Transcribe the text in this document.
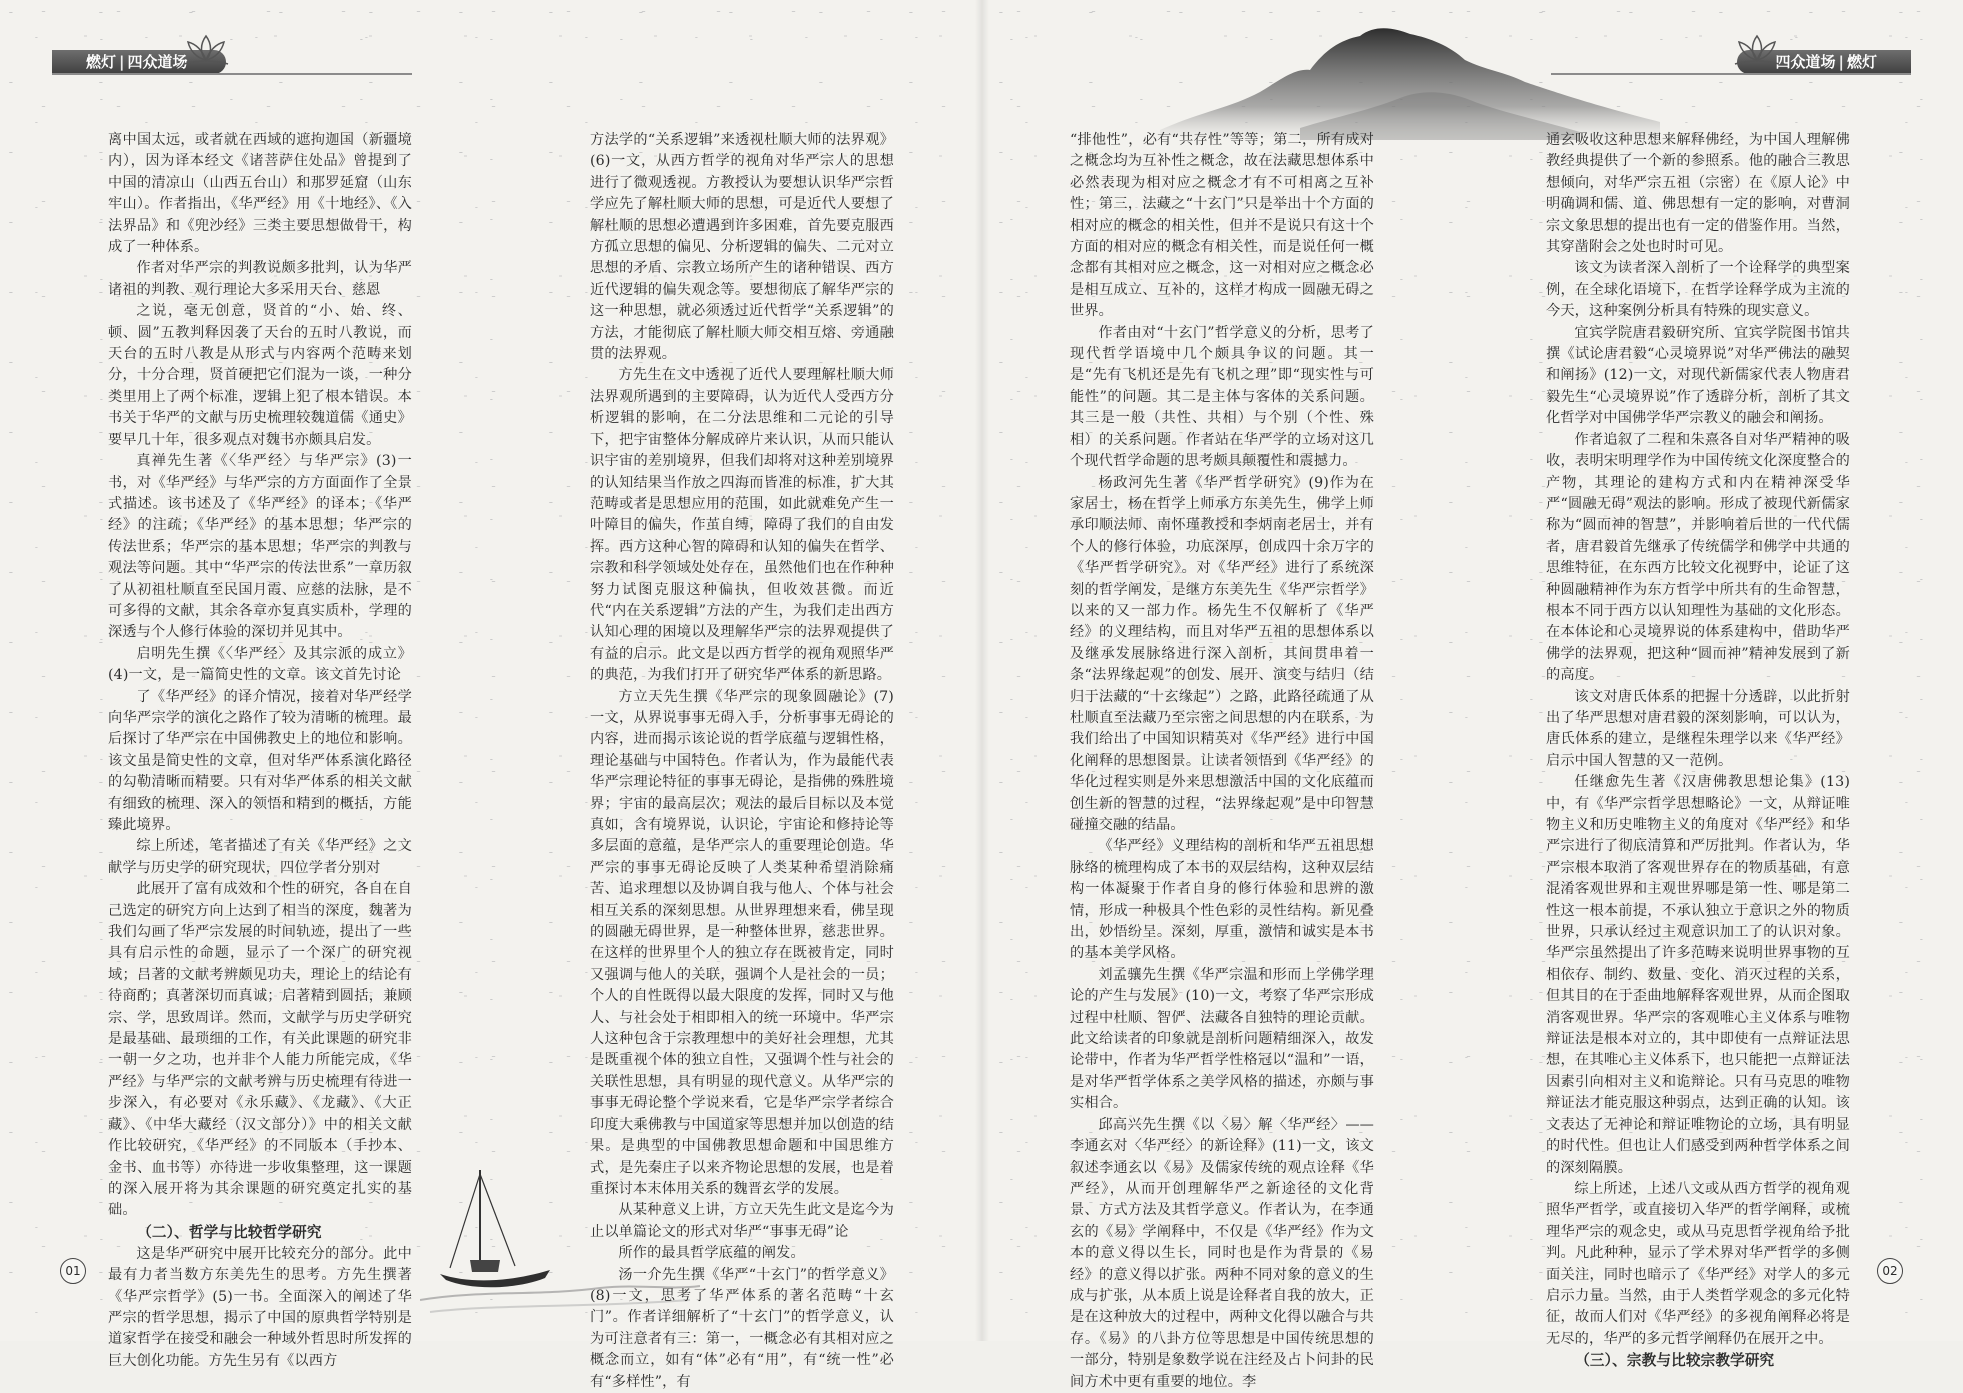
燃灯 | 四众道场	四众道场 | 燃灯

离中国太远，或者就在西域的遮拘迦国（新疆境内），因为译本经文《诸菩萨住处品》曾提到了中国的清凉山（山西五台山）和那罗延窟（山东牢山）。作者指出，《华严经》用《十地经》、《入法界品》和《兜沙经》三类主要思想做骨干，构成了一种体系。

作者对华严宗的判教说颇多批判，认为华严诸祖的判教、观行理论大多采用天台、慈恩

之说，毫无创意，贤首的“小、始、终、顿、圆”五教判释因袭了天台的五时八教说，而天台的五时八教是从形式与内容两个范畴来划分，十分合理，贤首硬把它们混为一谈，一种分类里用上了两个标准，逻辑上犯了根本错误。本书关于华严的文献与历史梳理较魏道儒《通史》要早几十年，很多观点对魏书亦颇具启发。

真禅先生著《〈华严经〉与华严宗》(3)一书，对《华严经》与华严宗的方方面面作了全景式描述。该书述及了《华严经》的译本；《华严经》的注疏；《华严经》的基本思想；华严宗的传法世系；华严宗的基本思想；华严宗的判教与观法等问题。其中“华严宗的传法世系”一章历叙了从初祖杜顺直至民国月霞、应慈的法脉，是不可多得的文献，其余各章亦复真实质朴，学理的深透与个人修行体验的深切并见其中。

启明先生撰《〈华严经〉及其宗派的成立》(4)一文，是一篇简史性的文章。该文首先讨论

了《华严经》的译介情况，接着对华严经学向华严宗学的演化之路作了较为清晰的梳理。最后探讨了华严宗在中国佛教史上的地位和影响。该文虽是简史性的文章，但对华严体系演化路径的勾勒清晰而精要。只有对华严体系的相关文献有细致的梳理、深入的领悟和精到的概括，方能臻此境界。

综上所述，笔者描述了有关《华严经》之文献学与历史学的研究现状，四位学者分别对

此展开了富有成效和个性的研究，各自在自己选定的研究方向上达到了相当的深度，魏著为我们勾画了华严宗发展的时间轨迹，提出了一些具有启示性的命题，显示了一个深广的研究视域；吕著的文献考辨颇见功夫，理论上的结论有待商酌；真著深切而真诚；启著精到圆括，兼顾宗、学，思致周详。然而，文献学与历史学研究是最基础、最琐细的工作，有关此课题的研究非一朝一夕之功，也并非个人能力所能完成，《华严经》与华严宗的文献考辨与历史梳理有待进一步深入，有必要对《永乐藏》、《龙藏》、《大正藏》、《中华大藏经（汉文部分）》中的相关文献作比较研究，《华严经》的不同版本（手抄本、金书、血书等）亦待进一步收集整理，这一课题的深入展开将为其余课题的研究奠定扎实的基础。

（二）、哲学与比较哲学研究

这是华严研究中展开比较充分的部分。此中最有力者当数方东美先生的思考。方先生撰著《华严宗哲学》(5)一书。全面深入的阐述了华严宗的哲学思想，揭示了中国的原典哲学特别是道家哲学在接受和融会一种域外哲思时所发挥的巨大创化功能。方先生另有《以西方

方法学的“关系逻辑”来透视杜顺大师的法界观》(6)一文，从西方哲学的视角对华严宗人的思想进行了微观透视。方教授认为要想认识华严宗哲学应先了解杜顺大师的思想，可是近代人要想了解杜顺的思想必遭遇到许多困难，首先要克服西方孤立思想的偏见、分析逻辑的偏失、二元对立思想的矛盾、宗教立场所产生的诸种错误、西方近代逻辑的偏失观念等。要想彻底了解华严宗的这一种思想，就必须透过近代哲学“关系逻辑”的方法，才能彻底了解杜顺大师交相互熔、旁通融贯的法界观。

方先生在文中透视了近代人要理解杜顺大师法界观所遇到的主要障碍，认为近代人受西方分析逻辑的影响，在二分法思维和二元论的引导下，把宇宙整体分解成碎片来认识，从而只能认识宇宙的差别境界，但我们却将对这种差别境界的认知结果当作放之四海而皆准的标准，扩大其范畴或者是思想应用的范围，如此就难免产生一叶障目的偏失，作茧自缚，障碍了我们的自由发挥。西方这种心智的障碍和认知的偏失在哲学、宗教和科学领域处处存在，虽然他们也在作种种努力试图克服这种偏执，但收效甚微。而近代“内在关系逻辑”方法的产生，为我们走出西方认知心理的困境以及理解华严宗的法界观提供了有益的启示。此文是以西方哲学的视角观照华严的典范，为我们打开了研究华严体系的新思路。

方立天先生撰《华严宗的现象圆融论》(7)一文，从界说事事无碍入手，分析事事无碍论的内容，进而揭示该论说的哲学底蕴与逻辑性格，理论基础与中国特色。作者认为，作为最能代表华严宗理论特征的事事无碍论，是指佛的殊胜境界；宇宙的最高层次；观法的最后目标以及本觉真如，含有境界说，认识论，宇宙论和修持论等多层面的意蕴，是华严宗人的重要理论创造。华严宗的事事无碍论反映了人类某种希望消除痛苦、追求理想以及协调自我与他人、个体与社会相互关系的深刻思想。从世界理想来看，佛呈现的圆融无碍世界，是一种整体世界，慈悲世界。在这样的世界里个人的独立存在既被肯定，同时又强调与他人的关联，强调个人是社会的一员；个人的自性既得以最大限度的发挥，同时又与他人、与社会处于相即相入的统一环境中。华严宗人这种包含于宗教理想中的美好社会理想，尤其是既重视个体的独立自性，又强调个性与社会的关联性思想，具有明显的现代意义。从华严宗的事事无碍论整个学说来看，它是华严宗学者综合印度大乘佛教与中国道家等思想并加以创造的结果。是典型的中国佛教思想命题和中国思维方式，是先秦庄子以来齐物论思想的发展，也是着重探讨本末体用关系的魏晋玄学的发展。

从某种意义上讲，方立天先生此文是迄今为止以单篇论文的形式对华严“事事无碍”论

所作的最具哲学底蕴的阐发。

汤一介先生撰《华严“十玄门”的哲学意义》(8)一文，思考了华严体系的著名范畴“十玄门”。作者详细解析了“十玄门”的哲学意义，认为可注意者有三：第一，一概念必有其相对应之概念而立，如有“体”必有“用”，有“统一性”必有“多样性”，有

“排他性”，必有“共存性”等等；第二，所有成对之概念均为互补性之概念，故在法藏思想体系中必然表现为相对应之概念才有不可相离之互补性；第三，法藏之“十玄门”只是举出十个方面的相对应的概念的相关性，但并不是说只有这十个方面的相对应的概念有相关性，而是说任何一概念都有其相对应之概念，这一对相对应之概念必是相互成立、互补的，这样才构成一圆融无碍之世界。

作者由对“十玄门”哲学意义的分析，思考了现代哲学语境中几个颇具争议的问题。其一是“先有飞机还是先有飞机之理”即“现实性与可能性”的问题。其二是主体与客体的关系问题。其三是一般（共性、共相）与个别（个性、殊相）的关系问题。作者站在华严学的立场对这几个现代哲学命题的思考颇具颠覆性和震撼力。

杨政河先生著《华严哲学研究》(9)作为在家居士，杨在哲学上师承方东美先生，佛学上师承印顺法师、南怀瑾教授和李炳南老居士，并有个人的修行体验，功底深厚，创成四十余万字的《华严哲学研究》。对《华严经》进行了系统深刻的哲学阐发，是继方东美先生《华严宗哲学》以来的又一部力作。杨先生不仅解析了《华严经》的义理结构，而且对华严五祖的思想体系以及继承发展脉络进行深入剖析，其间贯串着一条“法界缘起观”的创发、展开、演变与结归（结归于法藏的“十玄缘起”）之路，此路径疏通了从杜顺直至法藏乃至宗密之间思想的内在联系，为我们给出了中国知识精英对《华严经》进行中国化阐释的思想图景。让读者领悟到《华严经》的华化过程实则是外来思想激活中国的文化底蕴而创生新的智慧的过程，“法界缘起观”是中印智慧碰撞交融的结晶。

《华严经》义理结构的剖析和华严五祖思想脉络的梳理构成了本书的双层结构，这种双层结构一体凝聚于作者自身的修行体验和思辨的激情，形成一种极具个性色彩的灵性结构。新见叠出，妙悟纷呈。深刻，厚重，激情和诚实是本书的基本美学风格。

刘孟骧先生撰《华严宗温和形而上学佛学理论的产生与发展》(10)一文，考察了华严宗形成过程中杜顺、智俨、法藏各自独特的理论贡献。此文给读者的印象就是剖析问题精细深入，故发论带中，作者为华严哲学性格冠以“温和”一语，是对华严哲学体系之美学风格的描述，亦颇与事实相合。

邱高兴先生撰《以〈易〉解〈华严经〉——李通玄对〈华严经〉的新诠释》(11)一文，该文叙述李通玄以《易》及儒家传统的观点诠释《华严经》，从而开创理解华严之新途径的文化背景、方式方法及其哲学意义。作者认为，在李通玄的《易》学阐释中，不仅是《华严经》作为文本的意义得以生长，同时也是作为背景的《易经》的意义得以扩张。两种不同对象的意义的生成与扩张，从本质上说是诠释者自我的放大，正是在这种放大的过程中，两种文化得以融合与共存。《易》的八卦方位等思想是中国传统思想的一部分，特别是象数学说在注经及占卜问卦的民间方术中更有重要的地位。李

通玄吸收这种思想来解释佛经，为中国人理解佛教经典提供了一个新的参照系。他的融合三教思想倾向，对华严宗五祖（宗密）在《原人论》中明确调和儒、道、佛思想有一定的影响，对曹洞宗文象思想的提出也有一定的借鉴作用。当然，其穿凿附会之处也时时可见。

该文为读者深入剖析了一个诠释学的典型案例，在全球化语境下，在哲学诠释学成为主流的今天，这种案例分析具有特殊的现实意义。

宜宾学院唐君毅研究所、宜宾学院图书馆共撰《试论唐君毅“心灵境界说”对华严佛法的融契和阐扬》(12)一文，对现代新儒家代表人物唐君毅先生“心灵境界说”作了透辟分析，剖析了其文化哲学对中国佛学华严宗教义的融会和阐扬。

作者追叙了二程和朱熹各自对华严精神的吸收，表明宋明理学作为中国传统文化深度整合的产物，其理论的建构方式和内在精神深受华严“圆融无碍”观法的影响。形成了被现代新儒家称为“圆而神的智慧”，并影响着后世的一代代儒者，唐君毅首先继承了传统儒学和佛学中共通的思维特征，在东西方比较文化视野中，论证了这种圆融精神作为东方哲学中所共有的生命智慧，根本不同于西方以认知理性为基础的文化形态。在本体论和心灵境界说的体系建构中，借助华严佛学的法界观，把这种“圆而神”精神发展到了新的高度。

该文对唐氏体系的把握十分透辟，以此折射出了华严思想对唐君毅的深刻影响，可以认为，唐氏体系的建立，是继程朱理学以来《华严经》启示中国人智慧的又一范例。

任继愈先生著《汉唐佛教思想论集》(13)中，有《华严宗哲学思想略论》一文，从辩证唯物主义和历史唯物主义的角度对《华严经》和华严宗进行了彻底清算和严厉批判。作者认为，华严宗根本取消了客观世界存在的物质基础，有意混淆客观世界和主观世界哪是第一性、哪是第二性这一根本前提，不承认独立于意识之外的物质世界，只承认经过主观意识加工了的认识对象。华严宗虽然提出了许多范畴来说明世界事物的互相依存、制约、数量、变化、消灭过程的关系，但其目的在于歪曲地解释客观世界，从而企图取消客观世界。华严宗的客观唯心主义体系与唯物辩证法是根本对立的，其中即使有一点辩证法思想，在其唯心主义体系下，也只能把一点辩证法因素引向相对主义和诡辩论。只有马克思的唯物辩证法才能克服这种弱点，达到正确的认知。该文表达了无神论和辩证唯物论的立场，具有明显的时代性。但也让人们感受到两种哲学体系之间的深刻隔膜。

综上所述，上述八文或从西方哲学的视角观照华严哲学，或直接切入华严的哲学阐释，或梳理华严宗的观念史，或从马克思哲学视角给予批判。凡此种种，显示了学术界对华严哲学的多侧面关注，同时也暗示了《华严经》对学人的多元启示力量。当然，由于人类哲学观念的多元化特征，故而人们对《华严经》的多视角阐释必将是无尽的，华严的多元哲学阐释仍在展开之中。

（三）、宗教与比较宗教学研究
01	02
